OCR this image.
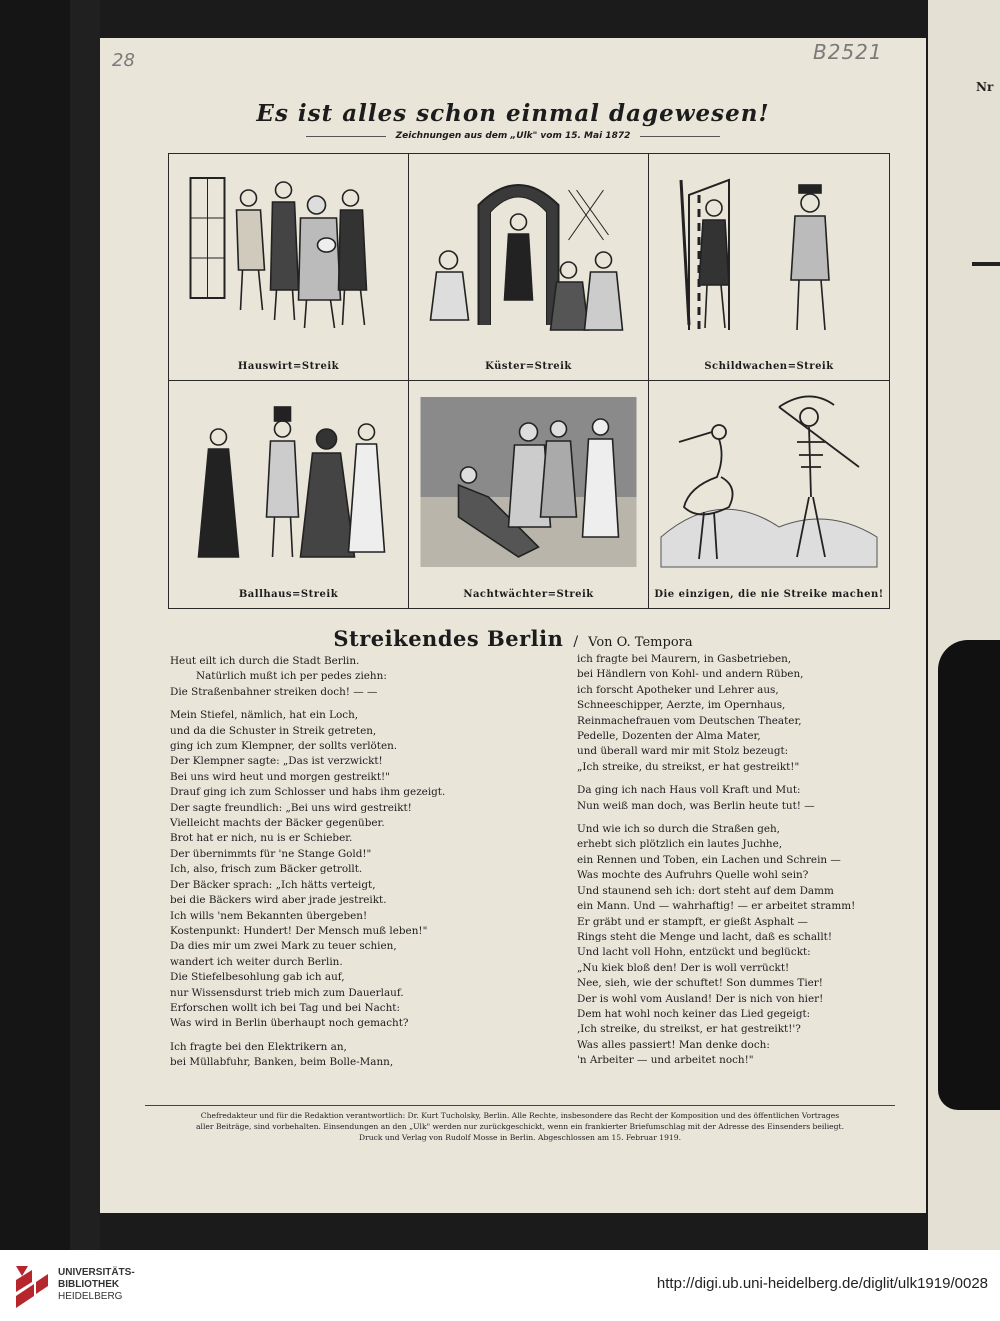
Nr
28	B2521
Es ist alles schon einmal dagewesen!
Zeichnungen aus dem „Ulk" vom 15. Mai 1872
Hauswirt=Streik	Küster=Streik	Schildwachen=Streik
Ballhaus=Streik	Nachtwächter=Streik	Die einzigen, die nie Streike machen!
Streikendes Berlin / Von O. Tempora

Heut eilt ich durch die Stadt Berlin.

Natürlich mußt ich per pedes ziehn:

Die Straßenbahner streiken doch! — —

Mein Stiefel, nämlich, hat ein Loch,

und da die Schuster in Streik getreten,

ging ich zum Klempner, der sollts verlöten.

Der Klempner sagte: „Das ist verzwickt!

Bei uns wird heut und morgen gestreikt!"

Drauf ging ich zum Schlosser und habs ihm gezeigt.

Der sagte freundlich: „Bei uns wird gestreikt!

Vielleicht machts der Bäcker gegenüber.

Brot hat er nich, nu is er Schieber.

Der übernimmts für 'ne Stange Gold!"

Ich, also, frisch zum Bäcker getrollt.

Der Bäcker sprach: „Ich hätts verteigt,

bei die Bäckers wird aber jrade jestreikt.

Ich wills 'nem Bekannten übergeben!

Kostenpunkt: Hundert! Der Mensch muß leben!"

Da dies mir um zwei Mark zu teuer schien,

wandert ich weiter durch Berlin.

Die Stiefelbesohlung gab ich auf,

nur Wissensdurst trieb mich zum Dauerlauf.

Erforschen wollt ich bei Tag und bei Nacht:

Was wird in Berlin überhaupt noch gemacht?

Ich fragte bei den Elektrikern an,

bei Müllabfuhr, Banken, beim Bolle-Mann,

ich fragte bei Maurern, in Gasbetrieben,

bei Händlern von Kohl- und andern Rüben,

ich forscht Apotheker und Lehrer aus,

Schneeschipper, Aerzte, im Opernhaus,

Reinmachefrauen vom Deutschen Theater,

Pedelle, Dozenten der Alma Mater,

und überall ward mir mit Stolz bezeugt:

„Ich streike, du streikst, er hat gestreikt!"

Da ging ich nach Haus voll Kraft und Mut:

Nun weiß man doch, was Berlin heute tut! —

Und wie ich so durch die Straßen geh,

erhebt sich plötzlich ein lautes Juchhe,

ein Rennen und Toben, ein Lachen und Schrein —

Was mochte des Aufruhrs Quelle wohl sein?

Und staunend seh ich: dort steht auf dem Damm

ein Mann. Und — wahrhaftig! — er arbeitet stramm!

Er gräbt und er stampft, er gießt Asphalt —

Rings steht die Menge und lacht, daß es schallt!

Und lacht voll Hohn, entzückt und beglückt:

„Nu kiek bloß den! Der is woll verrückt!

Nee, sieh, wie der schuftet! Son dummes Tier!

Der is wohl vom Ausland! Der is nich von hier!

Dem hat wohl noch keiner das Lied gegeigt:

‚Ich streike, du streikst, er hat gestreikt!'?

Was alles passiert! Man denke doch:

'n Arbeiter — und arbeitet noch!"

Chefredakteur und für die Redaktion verantwortlich: Dr. Kurt Tucholsky, Berlin. Alle Rechte, insbesondere das Recht der Komposition und des öffentlichen Vortrages
aller Beiträge, sind vorbehalten. Einsendungen an den „Ulk" werden nur zurückgeschickt, wenn ein frankierter Briefumschlag mit der Adresse des Einsenders beiliegt.
Druck und Verlag von Rudolf Mosse in Berlin. Abgeschlossen am 15. Februar 1919.
UNIVERSITÄTS-
BIBLIOTHEK
HEIDELBERG
http://digi.ub.uni-heidelberg.de/diglit/ulk1919/0028
